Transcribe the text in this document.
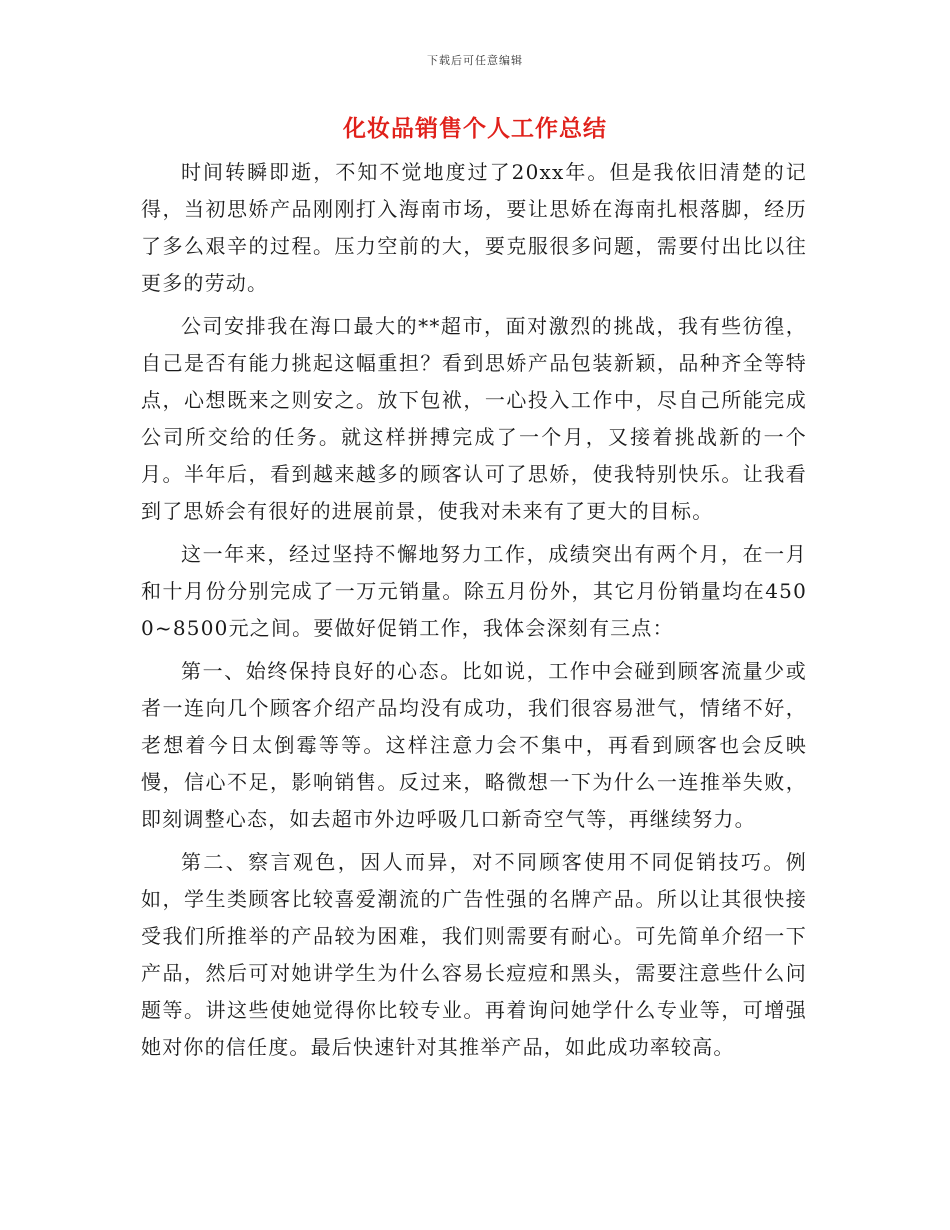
下载后可任意编辑
化妆品销售个人工作总结

时间转瞬即逝，不知不觉地度过了20xx年。但是我依旧清楚的记得，当初思娇产品刚刚打入海南市场，要让思娇在海南扎根落脚，经历了多么艰辛的过程。压力空前的大，要克服很多问题，需要付出比以往更多的劳动。

公司安排我在海口最大的**超市，面对激烈的挑战，我有些彷徨，自己是否有能力挑起这幅重担？看到思娇产品包装新颖，品种齐全等特点，心想既来之则安之。放下包袱，一心投入工作中，尽自己所能完成公司所交给的任务。就这样拼搏完成了一个月，又接着挑战新的一个月。半年后，看到越来越多的顾客认可了思娇，使我特别快乐。让我看到了思娇会有很好的进展前景，使我对未来有了更大的目标。

这一年来，经过坚持不懈地努力工作，成绩突出有两个月，在一月和十月份分别完成了一万元销量。除五月份外，其它月份销量均在4500~8500元之间。要做好促销工作，我体会深刻有三点：

第一、始终保持良好的心态。比如说，工作中会碰到顾客流量少或者一连向几个顾客介绍产品均没有成功，我们很容易泄气，情绪不好，老想着今日太倒霉等等。这样注意力会不集中，再看到顾客也会反映慢，信心不足，影响销售。反过来，略微想一下为什么一连推举失败，即刻调整心态，如去超市外边呼吸几口新奇空气等，再继续努力。

第二、察言观色，因人而异，对不同顾客使用不同促销技巧。例如，学生类顾客比较喜爱潮流的广告性强的名牌产品。所以让其很快接受我们所推举的产品较为困难，我们则需要有耐心。可先简单介绍一下产品，然后可对她讲学生为什么容易长痘痘和黑头，需要注意些什么问题等。讲这些使她觉得你比较专业。再着询问她学什么专业等，可增强她对你的信任度。最后快速针对其推举产品，如此成功率较高。
